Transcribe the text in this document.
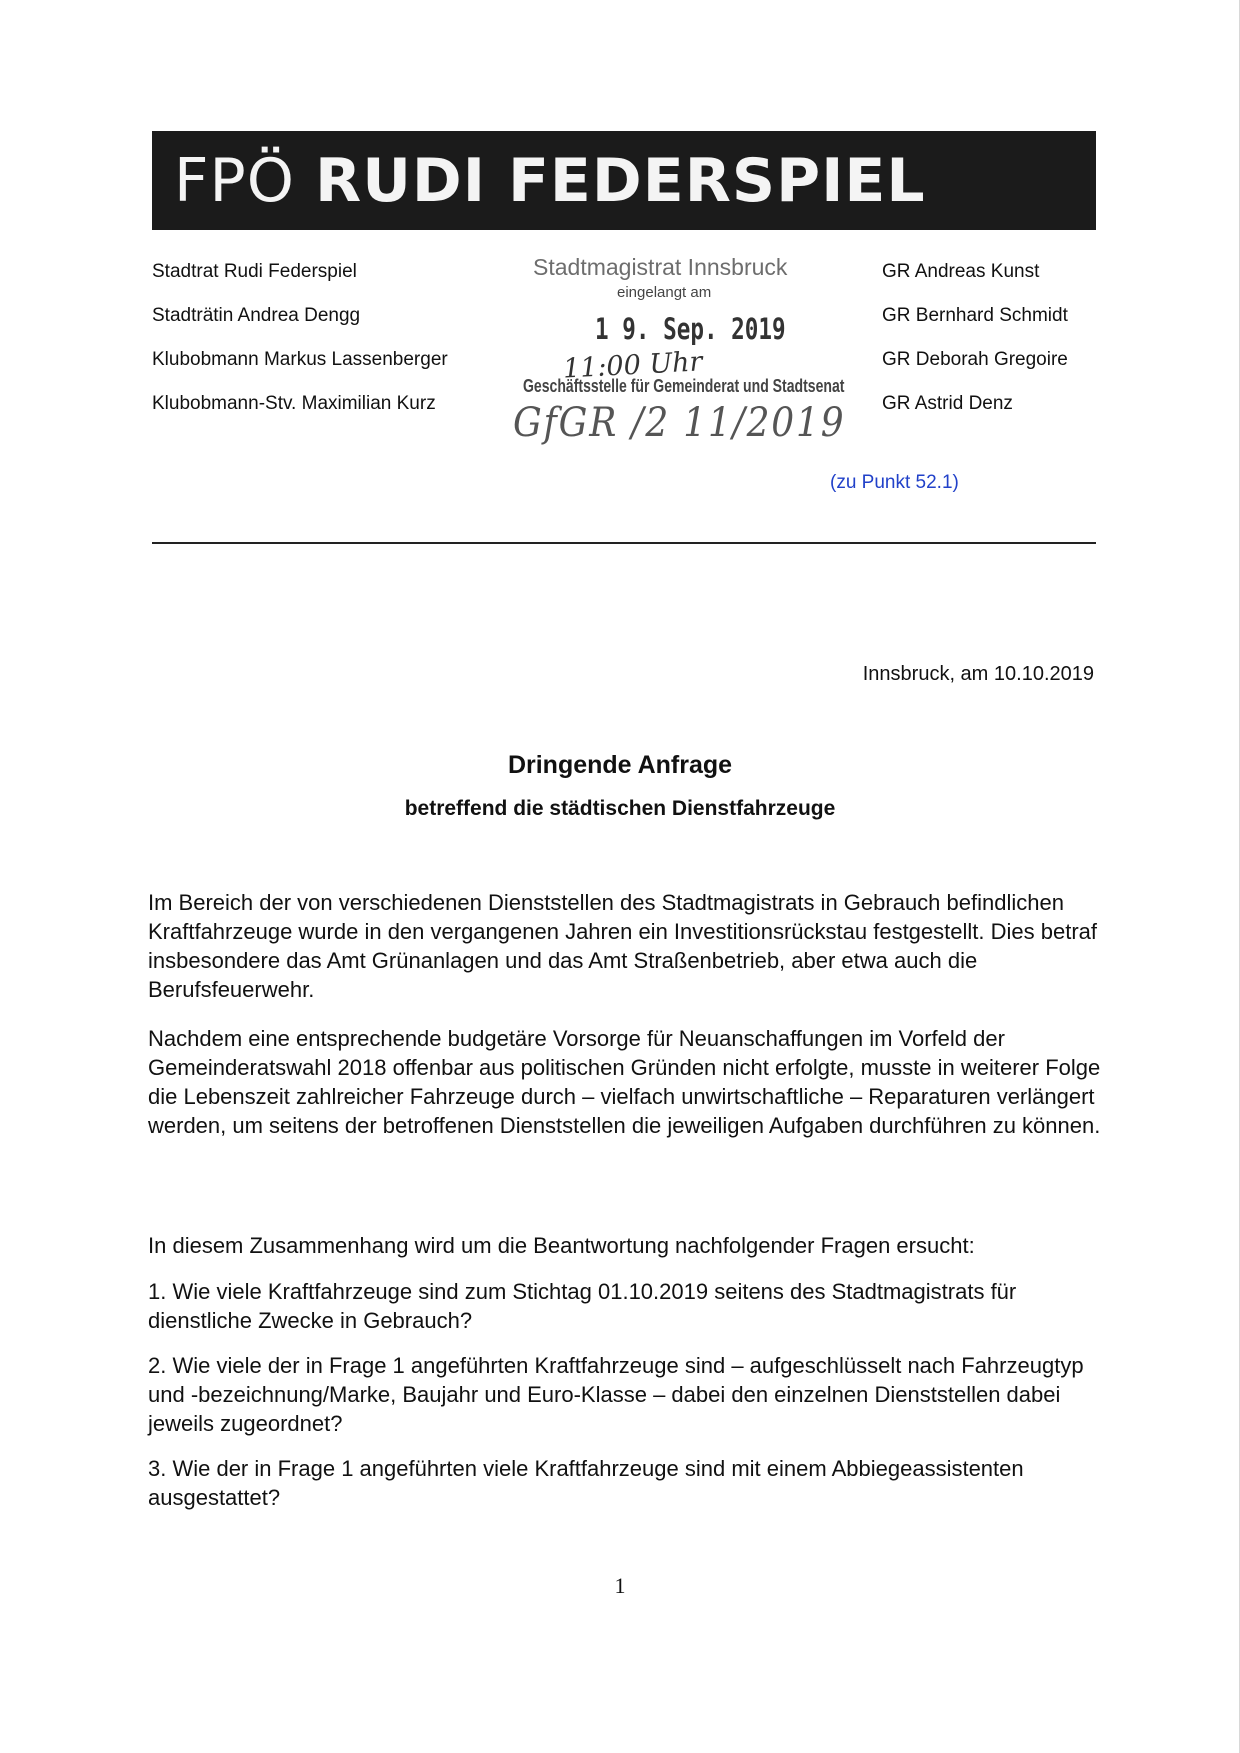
FPÖ RUDI FEDERSPIEL
Stadtrat Rudi Federspiel
Stadträtin Andrea Dengg
Klubobmann Markus Lassenberger
Klubobmann-Stv. Maximilian Kurz
Stadtmagistrat Innsbruck
eingelangt am
1 9. Sep. 2019
11:00 Uhr
Geschäftsstelle für Gemeinderat und Stadtsenat
GfGR /2 11/2019
GR Andreas Kunst
GR Bernhard Schmidt
GR Deborah Gregoire
GR Astrid Denz
(zu Punkt 52.1)
Innsbruck, am 10.10.2019
Dringende Anfrage
betreffend die städtischen Dienstfahrzeuge
Im Bereich der von verschiedenen Dienststellen des Stadtmagistrats in Gebrauch befindlichen Kraftfahrzeuge wurde in den vergangenen Jahren ein Investitionsrückstau festgestellt. Dies betraf insbesondere das Amt Grünanlagen und das Amt Straßenbetrieb, aber etwa auch die Berufsfeuerwehr.
Nachdem eine entsprechende budgetäre Vorsorge für Neuanschaffungen im Vorfeld der Gemeinderatswahl 2018 offenbar aus politischen Gründen nicht erfolgte, musste in weiterer Folge die Lebenszeit zahlreicher Fahrzeuge durch – vielfach unwirtschaftliche – Reparaturen verlängert werden, um seitens der betroffenen Dienststellen die jeweiligen Aufgaben durchführen zu können.
In diesem Zusammenhang wird um die Beantwortung nachfolgender Fragen ersucht:
1. Wie viele Kraftfahrzeuge sind zum Stichtag 01.10.2019 seitens des Stadtmagistrats für dienstliche Zwecke in Gebrauch?
2. Wie viele der in Frage 1 angeführten Kraftfahrzeuge sind – aufgeschlüsselt nach Fahrzeugtyp und -bezeichnung/Marke, Baujahr und Euro-Klasse – dabei den einzelnen Dienststellen dabei jeweils zugeordnet?
3. Wie der in Frage 1 angeführten viele Kraftfahrzeuge sind mit einem Abbiegeassistenten ausgestattet?
1
